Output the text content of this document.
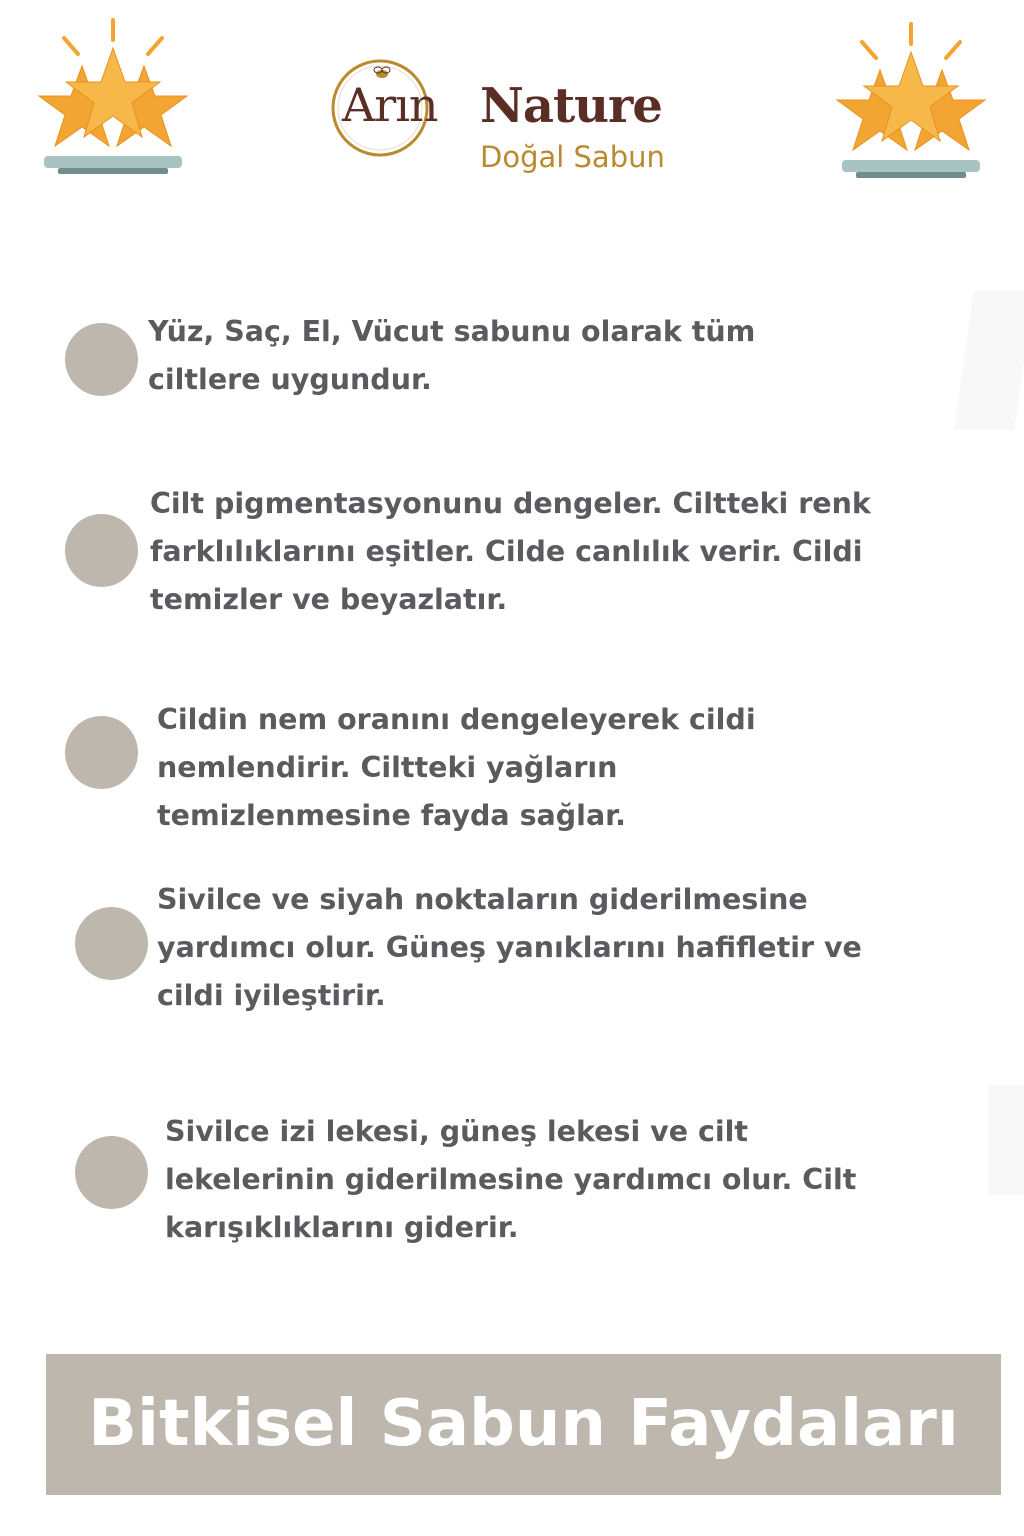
Arın Nature
Doğal Sabun
Yüz, Saç, El, Vücut sabunu olarak tüm
ciltlere uygundur.
Cilt pigmentasyonunu dengeler. Ciltteki renk
farklılıklarını eşitler. Cilde canlılık verir. Cildi
temizler ve beyazlatır.
Cildin nem oranını dengeleyerek cildi
nemlendirir. Ciltteki yağların
temizlenmesine fayda sağlar.
Sivilce ve siyah noktaların giderilmesine
yardımcı olur. Güneş yanıklarını hafifletir ve
cildi iyileştirir.
Sivilce izi lekesi, güneş lekesi ve cilt
lekelerinin giderilmesine yardımcı olur. Cilt
karışıklıklarını giderir.
Bitkisel Sabun Faydaları
